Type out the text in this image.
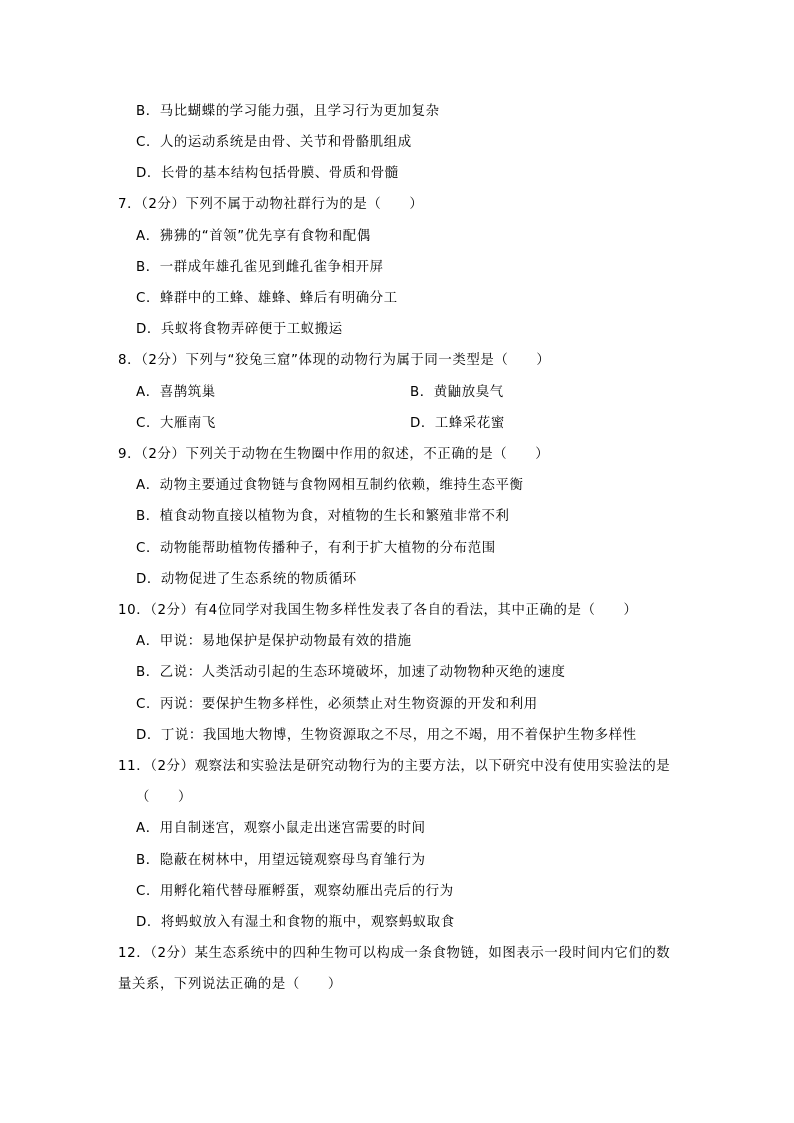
B．马比蝴蝶的学习能力强，且学习行为更加复杂
C．人的运动系统是由骨、关节和骨骼肌组成
D．长骨的基本结构包括骨膜、骨质和骨髓
7．（2分）下列不属于动物社群行为的是（　　）
A．狒狒的“首领”优先享有食物和配偶
B．一群成年雄孔雀见到雌孔雀争相开屏
C．蜂群中的工蜂、雄蜂、蜂后有明确分工
D．兵蚁将食物弄碎便于工蚁搬运
8．（2分）下列与“狡兔三窟”体现的动物行为属于同一类型是（　　）
A．喜鹊筑巢	B．黄鼬放臭气
C．大雁南飞	D．工蜂采花蜜
9．（2分）下列关于动物在生物圈中作用的叙述，不正确的是（　　）
A．动物主要通过食物链与食物网相互制约依赖，维持生态平衡
B．植食动物直接以植物为食，对植物的生长和繁殖非常不利
C．动物能帮助植物传播种子，有利于扩大植物的分布范围
D．动物促进了生态系统的物质循环
10．（2分）有4位同学对我国生物多样性发表了各自的看法，其中正确的是（　　）
A．甲说：易地保护是保护动物最有效的措施
B．乙说：人类活动引起的生态环境破坏，加速了动物物种灭绝的速度
C．丙说：要保护生物多样性，必须禁止对生物资源的开发和利用
D．丁说：我国地大物博，生物资源取之不尽，用之不竭，用不着保护生物多样性
11．（2分）观察法和实验法是研究动物行为的主要方法，以下研究中没有使用实验法的是
（　　）
A．用自制迷宫，观察小鼠走出迷宫需要的时间
B．隐蔽在树林中，用望远镜观察母鸟育雏行为
C．用孵化箱代替母雁孵蛋，观察幼雁出壳后的行为
D．将蚂蚁放入有湿土和食物的瓶中，观察蚂蚁取食
12．（2分）某生态系统中的四种生物可以构成一条食物链，如图表示一段时间内它们的数
量关系，下列说法正确的是（　　）
